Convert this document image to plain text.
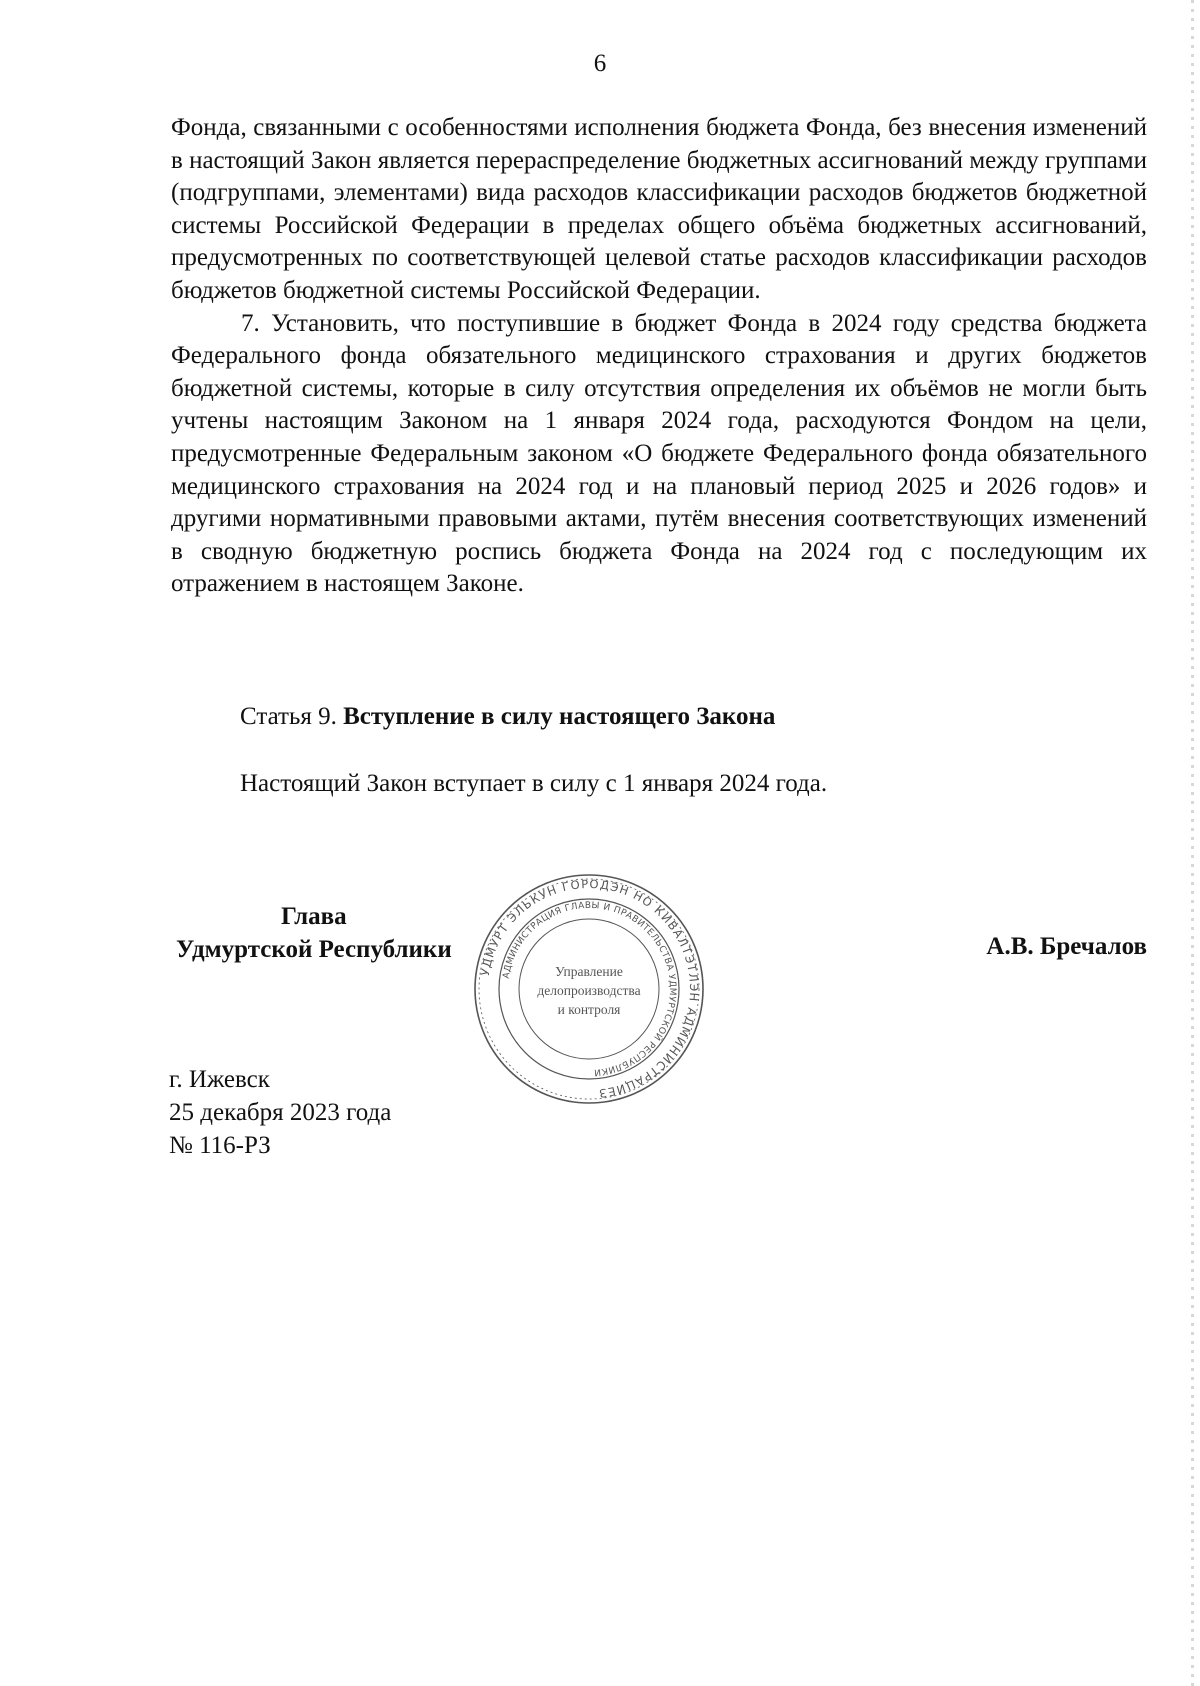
6

Фонда, связанными с особенностями исполнения бюджета Фонда, без внесения изменений в настоящий Закон является перераспределение бюджетных ассигнований между группами (подгруппами, элементами) вида расходов классификации расходов бюджетов бюджетной системы Российской Федерации в пределах общего объёма бюджетных ассигнований, предусмотренных по соответствующей целевой статье расходов классификации расходов бюджетов бюджетной системы Российской Федерации.

7. Установить, что поступившие в бюджет Фонда в 2024 году средства бюджета Федерального фонда обязательного медицинского страхования и других бюджетов бюджетной системы, которые в силу отсутствия определения их объёмов не могли быть учтены настоящим Законом на 1 января 2024 года, расходуются Фондом на цели, предусмотренные Федеральным законом «О бюджете Федерального фонда обязательного медицинского страхования на 2024 год и на плановый период 2025 и 2026 годов» и другими нормативными правовыми актами, путём внесения соответствующих изменений в сводную бюджетную роспись бюджета Фонда на 2024 год с последующим их отражением в настоящем Законе.

Статья 9. Вступление в силу настоящего Закона
Настоящий Закон вступает в силу с 1 января 2024 года.
Глава
Удмуртской Республики	А.В. Бречалов
УДМУРТ ЭЛЬКУН ГОРОДЭН НО КИВАЛТЭТЛЭН АДМИНИСТРАЦИЕЗ
АДМИНИСТРАЦИЯ ГЛАВЫ И ПРАВИТЕЛЬСТВА УДМУРТСКОЙ РЕСПУБЛИКИ
Управление
делопроизводства
и контроля
г. Ижевск
25 декабря 2023 года
№ 116-РЗ
